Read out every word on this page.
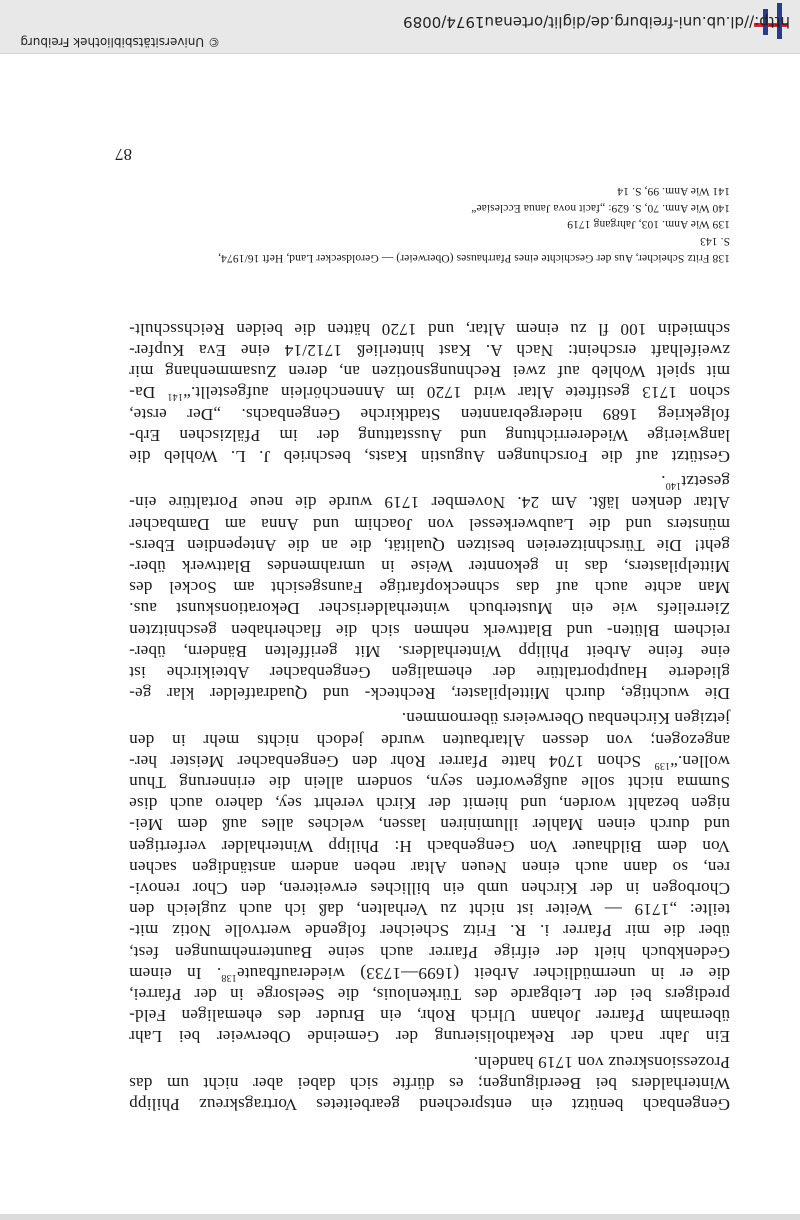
Gengenbach benützt ein entsprechend gearbeitetes Vortragskreuz Philipp
Winterhalders bei Beerdigungen; es dürfte sich dabei aber nicht um das
Prozessionskreuz von 1719 handeln.
Ein Jahr nach der Rekatholisierung der Gemeinde Oberweier bei Lahr
übernahm Pfarrer Johann Ulrich Rohr, ein Bruder des ehemaligen Feld-
predigers bei der Leibgarde des Türkenlouis, die Seelsorge in der Pfarrei,
die er in unermüdlicher Arbeit (1699—1733) wiederaufbaute$^{138}$. In einem
Gedenkbuch hielt der eifrige Pfarrer auch seine Baunternehmungen fest,
über die mir Pfarrer i. R. Fritz Scheicher folgende wertvolle Notiz mit-
teilte: „1719 — Weiter ist nicht zu Verhalten, daß ich auch zugleich den
Chorbogen in der Kirchen umb ein billiches erweiteren, den Chor renovi-
ren, so dann auch einen Neuen Altar neben andern anständigen sachen
Von dem Bildhauer Von Gengenbach H: Philipp Winterhalder verfertigen
und durch einen Mahler illuminiren lassen, welches alles auß dem Mei-
nigen bezahlt worden, und hiemit der Kirch verehrt sey, dahero auch dise
Summa nicht solle außgeworfen seyn, sondern allein die erinnerung Thun
wollen.“$^{139}$ Schon 1704 hatte Pfarrer Rohr den Gengenbacher Meister her-
angezogen; von dessen Altarbauten wurde jedoch nichts mehr in den
jetzigen Kirchenbau Oberweiers übernommen.
Die wuchtige, durch Mittelpilaster, Rechteck- und Quadratfelder klar ge-
gliederte Hauptportaltüre der ehemaligen Gengenbacher Abteikirche ist
eine feine Arbeit Philipp Winterhalders. Mit geriffelten Bändern, über-
reichem Blüten- und Blattwerk nehmen sich die flacherhaben geschnitzten
Zierreliefs wie ein Musterbuch winterhalderischer Dekorationskunst aus.
Man achte auch auf das schneckopfartige Faunsgesicht am Sockel des
Mittelpilasters, das in gekonnter Weise in umrahmendes Blattwerk über-
geht! Die Türschnitzereien besitzen Qualität, die an die Antependien Ebers-
münsters und die Laubwerkessel von Joachim und Anna am Dambacher
Altar denken läßt. Am 24. November 1719 wurde die neue Portaltüre ein-
gesetzt$^{140}$.
Gestützt auf die Forschungen Augustin Kasts, beschrieb J. L. Wohleb die
langwierige Wiedererrichtung und Ausstattung der im Pfälzischen Erb-
folgekrieg 1689 niedergebrannten Stadtkirche Gengenbachs. „Der erste,
schon 1713 gestiftete Altar wird 1720 im Annenchörlein aufgestellt.“$^{141}$ Da-
mit spielt Wohleb auf zwei Rechnungsnotizen an, deren Zusammenhang mir
zweifelhaft erscheint: Nach A. Kast hinterließ 1712/14 eine Eva Kupfer-
schmiedin 100 fl zu einem Altar, und 1720 hätten die beiden Reichsschult-
138 Fritz Scheicher, Aus der Geschichte eines Pfarrhauses (Oberweier) — Geroldsecker Land, Heft 16/1974,
S. 143
139 Wie Anm. 103, Jahrgang 1719
140 Wie Anm. 70, S. 629: „facit nova Janua Ecclesiae“
141 Wie Anm. 99, S. 14
87
http://dl.ub.uni-freiburg.de/diglit/ortenau1974/0089
© Universitätsbibliothek Freiburg
